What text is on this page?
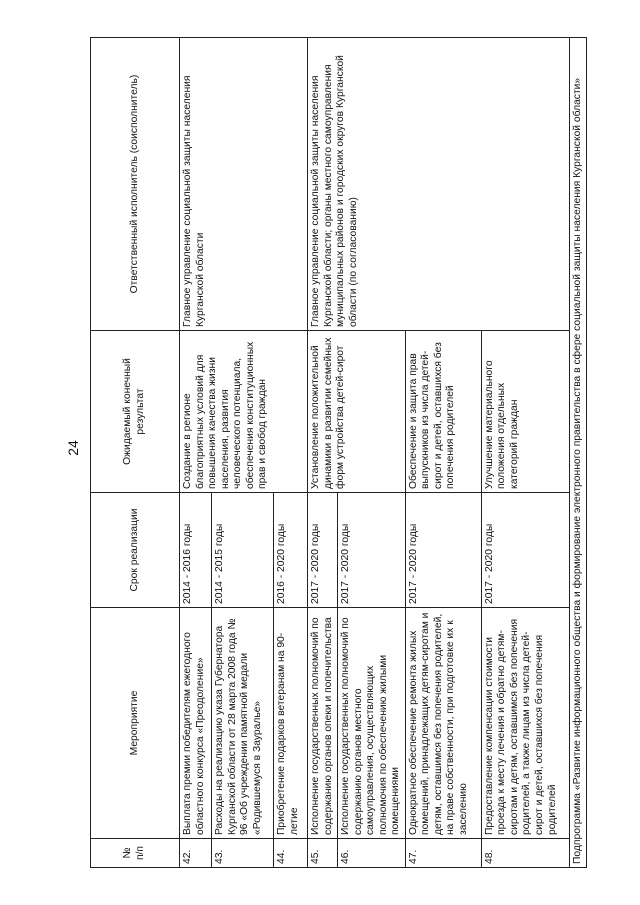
24
№ п/п	Мероприятие	Срок реализации	Ожидаемый конечный результат	Ответственный исполнитель (соисполнитель)
42.	Выплата премии победителям ежегодного областного конкурса «Преодоление»	2014 - 2016 годы	Создание в регионе благоприятных условий для повышения качества жизни населения, развития человеческого потенциала, обеспечения конституционных прав и свобод граждан	Главное управление социальной защиты населения Курганской области
43.	Расходы на реализацию указа Губернатора Курганской области от 28 марта 2008 года № 96 «Об учреждении памятной медали «Родившемуся в Зауралье»	2014 - 2015 годы		
44.	Приобретение подарков ветеранам на 90-летие	2016 - 2020 годы		
45.	Исполнение государственных полномочий по содержанию органов опеки и попечительства	2017 - 2020 годы	Установление положительной динамики в развитии семейных форм устройства детей-сирот	Главное управление социальной защиты населения Курганской области; органы местного самоуправления муниципальных районов и городских округов Курганской области (по согласованию)
46.	Исполнение государственных полномочий по содержанию органов местного самоуправления, осуществляющих полномочия по обеспечению жилыми помещениями	2017 - 2020 годы		
47.	Однократное обеспечение ремонта жилых помещений, принадлежащих детям-сиротам и детям, оставшимся без попечения родителей, на праве собственности, при подготовке их к заселению	2017 - 2020 годы	Обеспечение и защита прав выпускников из числа детей-сирот и детей, оставшихся без попечения родителей	
48.	Предоставление компенсации стоимости проезда к месту лечения и обратно детям-сиротам и детям, оставшимся без попечения родителей, а также лицам из числа детей-сирот и детей, оставшихся без попечения родителей	2017 - 2020 годы	Улучшение материального положения отдельных категорий граждан	
Подпрограмма «Развитие информационного общества и формирование электронного правительства в сфере социальной защиты населения Курганской области»				
